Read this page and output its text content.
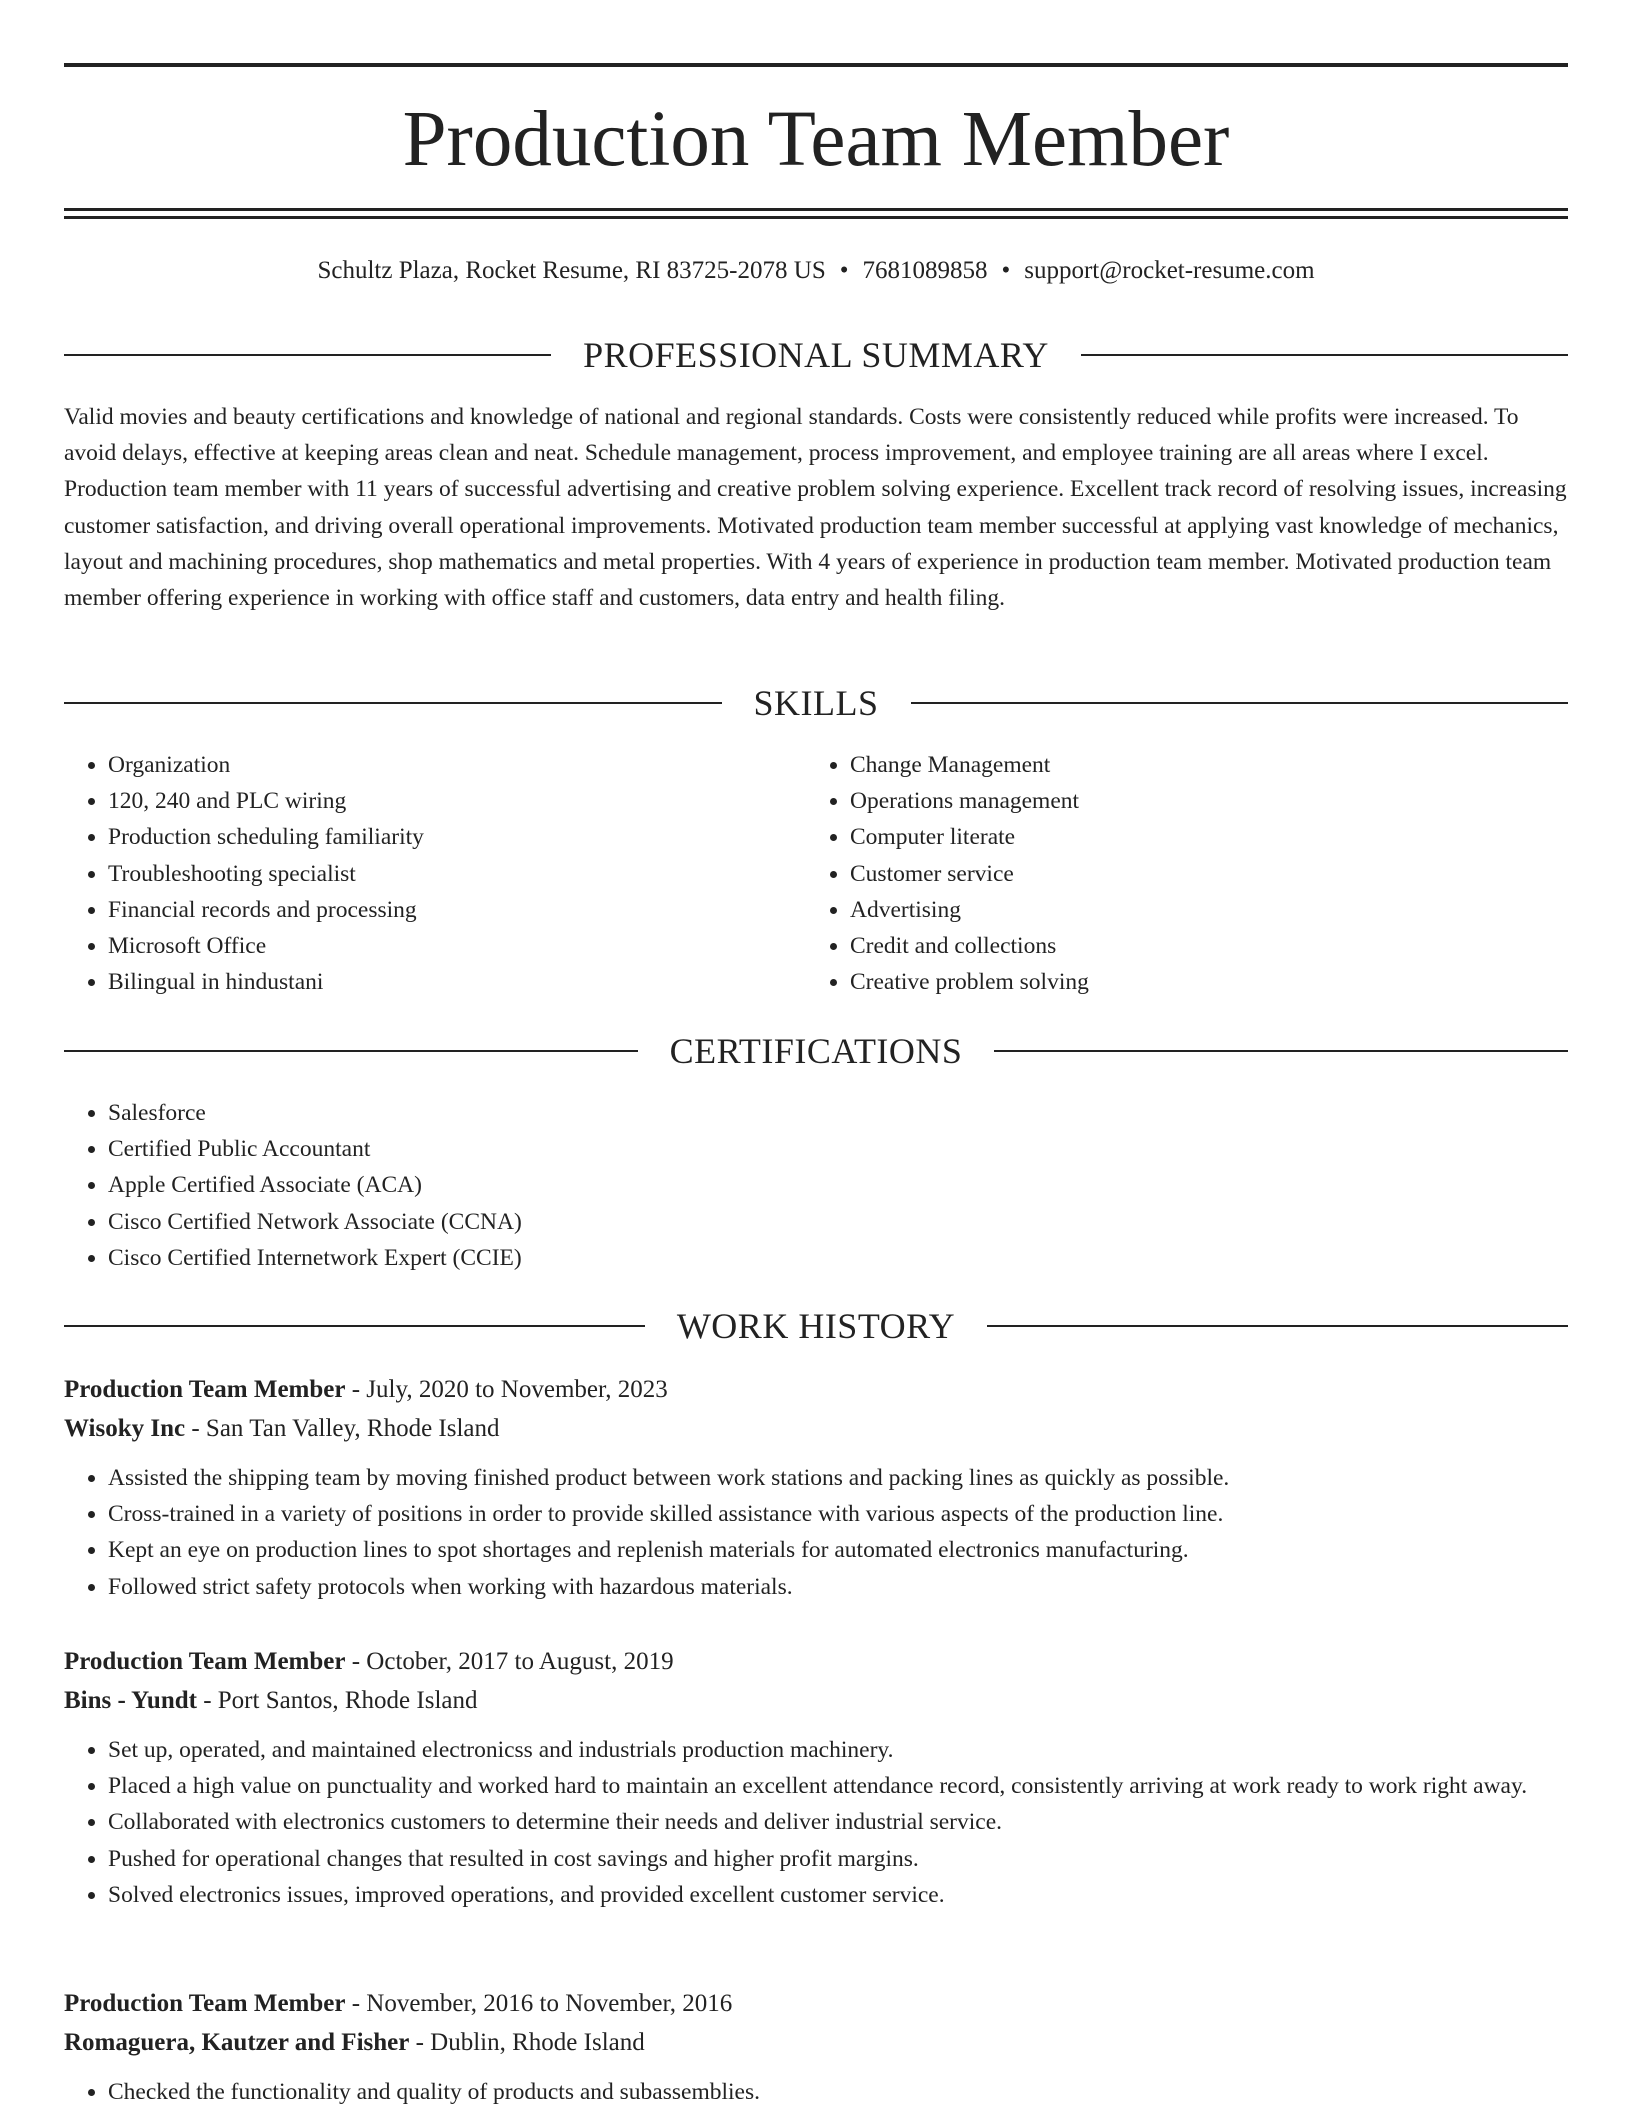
Production Team Member
Schultz Plaza, Rocket Resume, RI 83725-2078 US • 7681089858 • support@rocket-resume.com
PROFESSIONAL SUMMARY

Valid movies and beauty certifications and knowledge of national and regional standards. Costs were consistently reduced while profits were increased. To avoid delays, effective at keeping areas clean and neat. Schedule management, process improvement, and employee training are all areas where I excel. Production team member with 11 years of successful advertising and creative problem solving experience. Excellent track record of resolving issues, increasing customer satisfaction, and driving overall operational improvements. Motivated production team member successful at applying vast knowledge of mechanics, layout and machining procedures, shop mathematics and metal properties. With 4 years of experience in production team member. Motivated production team member offering experience in working with office staff and customers, data entry and health filing.

SKILLS
• Organization
• 120, 240 and PLC wiring
• Production scheduling familiarity
• Troubleshooting specialist
• Financial records and processing
• Microsoft Office
• Bilingual in hindustani
• Change Management
• Operations management
• Computer literate
• Customer service
• Advertising
• Credit and collections
• Creative problem solving
CERTIFICATIONS
• Salesforce
• Certified Public Accountant
• Apple Certified Associate (ACA)
• Cisco Certified Network Associate (CCNA)
• Cisco Certified Internetwork Expert (CCIE)
WORK HISTORY
Production Team Member - July, 2020 to November, 2023
Wisoky Inc - San Tan Valley, Rhode Island
• Assisted the shipping team by moving finished product between work stations and packing lines as quickly as possible.
• Cross-trained in a variety of positions in order to provide skilled assistance with various aspects of the production line.
• Kept an eye on production lines to spot shortages and replenish materials for automated electronics manufacturing.
• Followed strict safety protocols when working with hazardous materials.
Production Team Member - October, 2017 to August, 2019
Bins - Yundt - Port Santos, Rhode Island
• Set up, operated, and maintained electronicss and industrials production machinery.
• Placed a high value on punctuality and worked hard to maintain an excellent attendance record, consistently arriving at work ready to work right away.
• Collaborated with electronics customers to determine their needs and deliver industrial service.
• Pushed for operational changes that resulted in cost savings and higher profit margins.
• Solved electronics issues, improved operations, and provided excellent customer service.
Production Team Member - November, 2016 to November, 2016
Romaguera, Kautzer and Fisher - Dublin, Rhode Island
• Checked the functionality and quality of products and subassemblies.
